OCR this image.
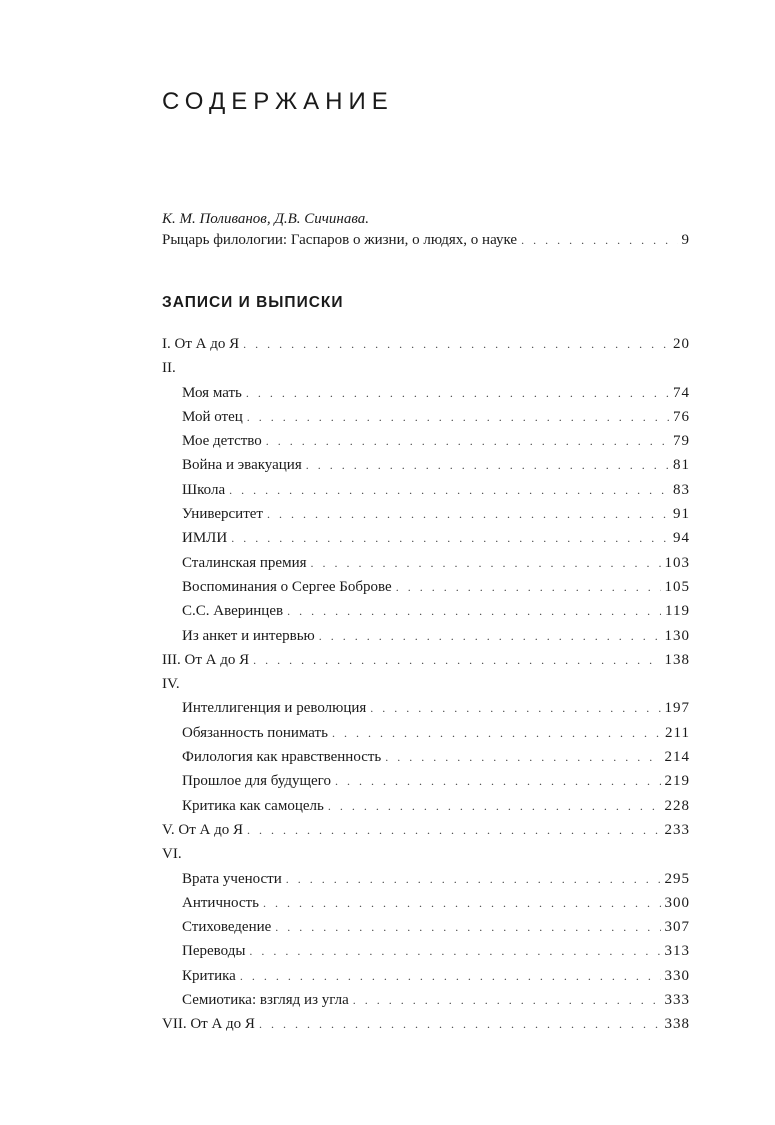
СОДЕРЖАНИЕ
К. М. Поливанов, Д.В. Сичинава.
Рыцарь филологии: Гаспаров о жизни, о людях, о науке . . .	9
ЗАПИСИ И ВЫПИСКИ
I. От А до Я . . .	20
II.
Моя мать . . .	74
Мой отец . . .	76
Мое детство . . .	79
Война и эвакуация . . .	81
Школа . . .	83
Университет . . .	91
ИМЛИ . . .	94
Сталинская премия . . .	103
Воспоминания о Сергее Боброве . . .	105
С.С. Аверинцев . . .	119
Из анкет и интервью . . .	130
III. От А до Я . . .	138
IV.
Интеллигенция и революция . . .	197
Обязанность понимать . . .	211
Филология как нравственность . . .	214
Прошлое для будущего . . .	219
Критика как самоцель . . .	228
V. От А до Я . . .	233
VI.
Врата учености . . .	295
Античность . . .	300
Стиховедение . . .	307
Переводы . . .	313
Критика . . .	330
Семиотика: взгляд из угла . . .	333
VII. От А до Я . . .	338
